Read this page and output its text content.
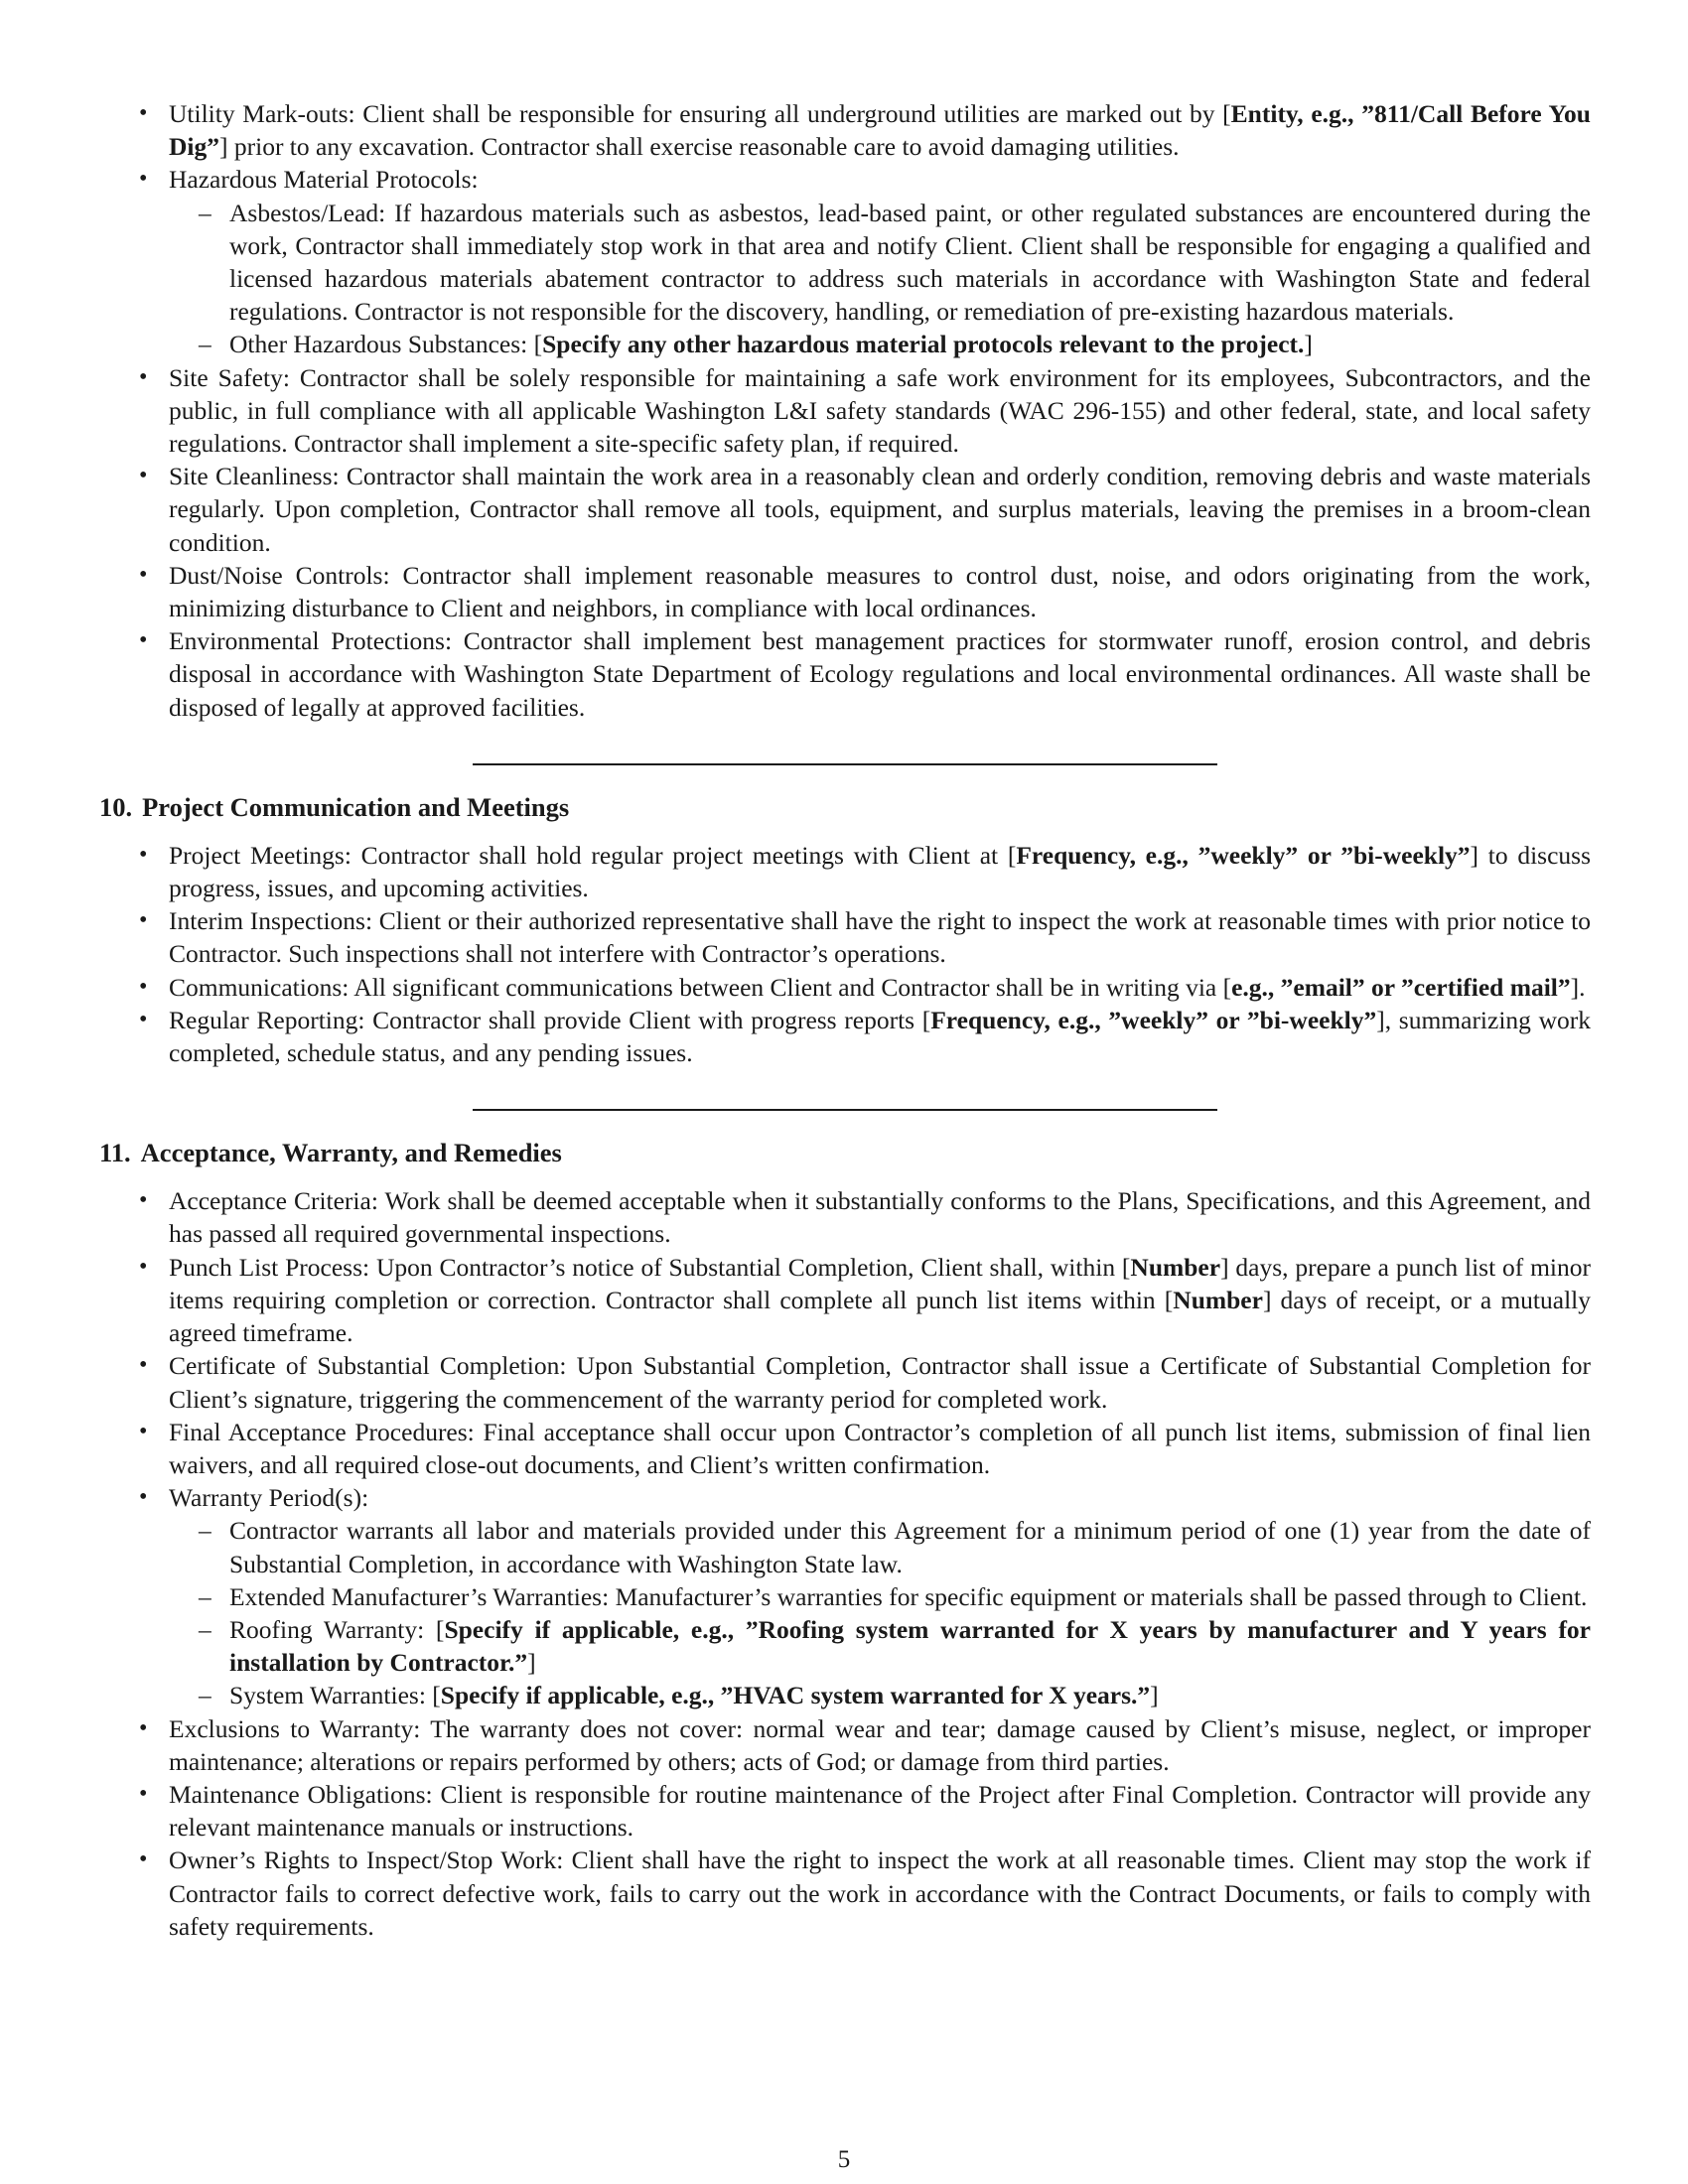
• Utility Mark-outs: Client shall be responsible for ensuring all underground utilities are marked out by [Entity, e.g., ”811/Call Before You Dig”] prior to any excavation. Contractor shall exercise reasonable care to avoid damaging utilities.
• Hazardous Material Protocols:
– Asbestos/Lead: If hazardous materials such as asbestos, lead-based paint, or other regulated substances are encountered during the work, Contractor shall immediately stop work in that area and notify Client. Client shall be responsible for engaging a qualified and licensed hazardous materials abatement contractor to address such materials in accordance with Washington State and federal regulations. Contractor is not responsible for the discovery, handling, or remediation of pre-existing hazardous materials.
– Other Hazardous Substances: [Specify any other hazardous material protocols relevant to the project.]
• Site Safety: Contractor shall be solely responsible for maintaining a safe work environment for its employees, Subcontractors, and the public, in full compliance with all applicable Washington L&I safety standards (WAC 296-155) and other federal, state, and local safety regulations. Contractor shall implement a site-specific safety plan, if required.
• Site Cleanliness: Contractor shall maintain the work area in a reasonably clean and orderly condition, removing debris and waste materials regularly. Upon completion, Contractor shall remove all tools, equipment, and surplus materials, leaving the premises in a broom-clean condition.
• Dust/Noise Controls: Contractor shall implement reasonable measures to control dust, noise, and odors originating from the work, minimizing disturbance to Client and neighbors, in compliance with local ordinances.
• Environmental Protections: Contractor shall implement best management practices for stormwater runoff, erosion control, and debris disposal in accordance with Washington State Department of Ecology regulations and local environmental ordinances. All waste shall be disposed of legally at approved facilities.
10. Project Communication and Meetings
• Project Meetings: Contractor shall hold regular project meetings with Client at [Frequency, e.g., ”weekly” or ”bi-weekly”] to discuss progress, issues, and upcoming activities.
• Interim Inspections: Client or their authorized representative shall have the right to inspect the work at reasonable times with prior notice to Contractor. Such inspections shall not interfere with Contractor’s operations.
• Communications: All significant communications between Client and Contractor shall be in writing via [e.g., ”email” or ”certified mail”].
• Regular Reporting: Contractor shall provide Client with progress reports [Frequency, e.g., ”weekly” or ”bi-weekly”], summarizing work completed, schedule status, and any pending issues.
11. Acceptance, Warranty, and Remedies
• Acceptance Criteria: Work shall be deemed acceptable when it substantially conforms to the Plans, Specifications, and this Agreement, and has passed all required governmental inspections.
• Punch List Process: Upon Contractor’s notice of Substantial Completion, Client shall, within [Number] days, prepare a punch list of minor items requiring completion or correction. Contractor shall complete all punch list items within [Number] days of receipt, or a mutually agreed timeframe.
• Certificate of Substantial Completion: Upon Substantial Completion, Contractor shall issue a Certificate of Substantial Completion for Client’s signature, triggering the commencement of the warranty period for completed work.
• Final Acceptance Procedures: Final acceptance shall occur upon Contractor’s completion of all punch list items, submission of final lien waivers, and all required close-out documents, and Client’s written confirmation.
• Warranty Period(s):
– Contractor warrants all labor and materials provided under this Agreement for a minimum period of one (1) year from the date of Substantial Completion, in accordance with Washington State law.
– Extended Manufacturer’s Warranties: Manufacturer’s warranties for specific equipment or materials shall be passed through to Client.
– Roofing Warranty: [Specify if applicable, e.g., ”Roofing system warranted for X years by manufacturer and Y years for installation by Contractor.”]
– System Warranties: [Specify if applicable, e.g., ”HVAC system warranted for X years.”]
• Exclusions to Warranty: The warranty does not cover: normal wear and tear; damage caused by Client’s misuse, neglect, or improper maintenance; alterations or repairs performed by others; acts of God; or damage from third parties.
• Maintenance Obligations: Client is responsible for routine maintenance of the Project after Final Completion. Contractor will provide any relevant maintenance manuals or instructions.
• Owner’s Rights to Inspect/Stop Work: Client shall have the right to inspect the work at all reasonable times. Client may stop the work if Contractor fails to correct defective work, fails to carry out the work in accordance with the Contract Documents, or fails to comply with safety requirements.
5
